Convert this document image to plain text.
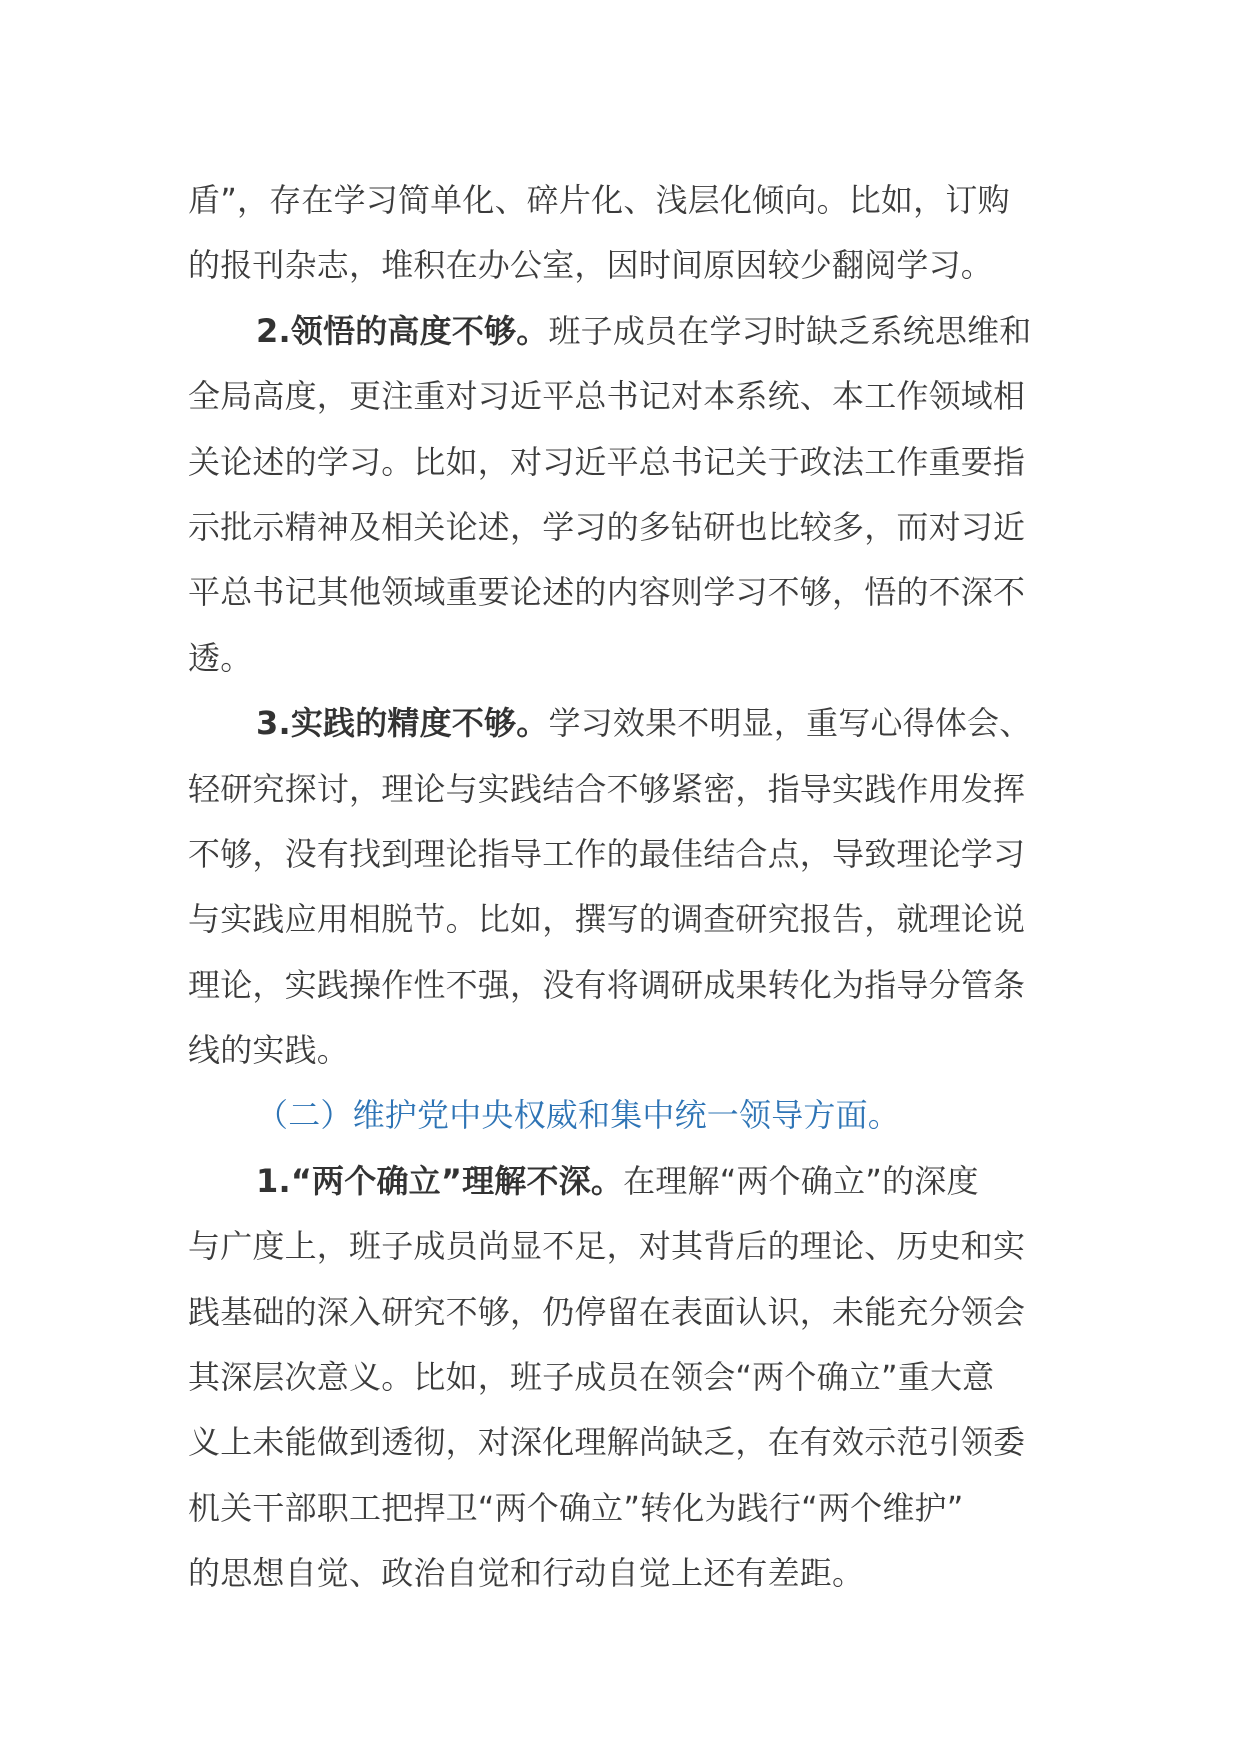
盾”，存在学习简单化、碎片化、浅层化倾向。比如，订购
的报刊杂志，堆积在办公室，因时间原因较少翻阅学习。
2.领悟的高度不够。班子成员在学习时缺乏系统思维和
全局高度，更注重对习近平总书记对本系统、本工作领域相
关论述的学习。比如，对习近平总书记关于政法工作重要指
示批示精神及相关论述，学习的多钻研也比较多，而对习近
平总书记其他领域重要论述的内容则学习不够，悟的不深不
透。
3.实践的精度不够。学习效果不明显，重写心得体会、
轻研究探讨，理论与实践结合不够紧密，指导实践作用发挥
不够，没有找到理论指导工作的最佳结合点，导致理论学习
与实践应用相脱节。比如，撰写的调查研究报告，就理论说
理论，实践操作性不强，没有将调研成果转化为指导分管条
线的实践。
（二）维护党中央权威和集中统一领导方面。
1.“两个确立”理解不深。在理解“两个确立”的深度
与广度上，班子成员尚显不足，对其背后的理论、历史和实
践基础的深入研究不够，仍停留在表面认识，未能充分领会
其深层次意义。比如，班子成员在领会“两个确立”重大意
义上未能做到透彻，对深化理解尚缺乏，在有效示范引领委
机关干部职工把捍卫“两个确立”转化为践行“两个维护”
的思想自觉、政治自觉和行动自觉上还有差距。
